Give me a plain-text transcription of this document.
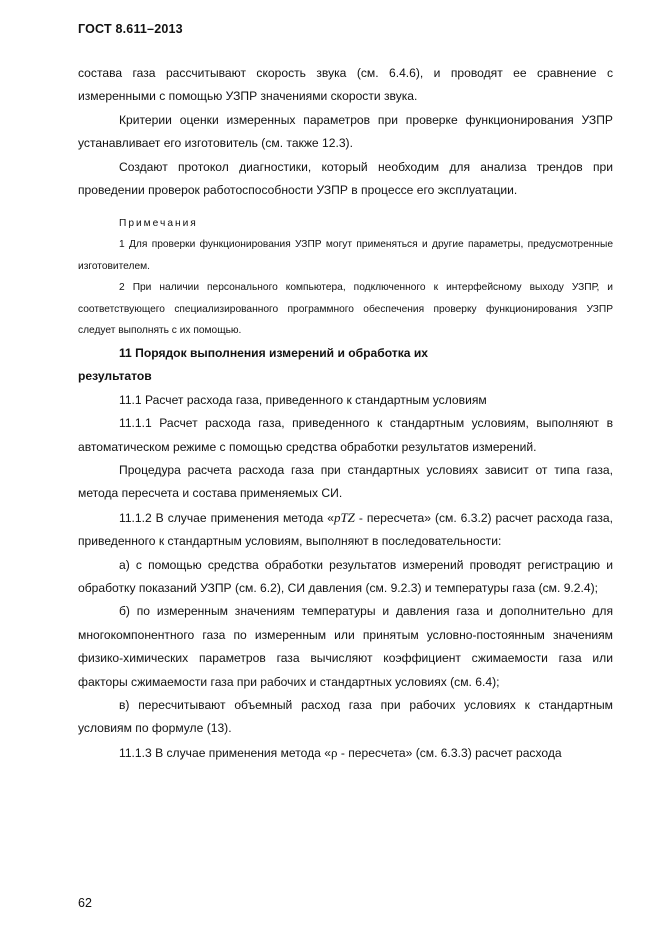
ГОСТ 8.611–2013

состава газа рассчитывают скорость звука (см. 6.4.6), и проводят ее сравнение с измеренными с помощью УЗПР значениями скорости звука.

Критерии оценки измеренных параметров при проверке функционирования УЗПР устанавливает его изготовитель (см. также 12.3).

Создают протокол диагностики, который необходим для анализа трендов при проведении проверок работоспособности УЗПР в процессе его эксплуатации.

Примечания

1 Для проверки функционирования УЗПР могут применяться и другие параметры, предусмотренные изготовителем.

2 При наличии персонального компьютера, подключенного к интерфейсному выходу УЗПР, и соответствующего специализированного программного обеспечения проверку функционирования УЗПР следует выполнять с их помощью.

11 Порядок выполнения измерений и обработка их
результатов

11.1 Расчет расхода газа, приведенного к стандартным условиям

11.1.1 Расчет расхода газа, приведенного к стандартным условиям, выполняют в автоматическом режиме с помощью средства обработки результатов измерений.

Процедура расчета расхода газа при стандартных условиях зависит от типа газа, метода пересчета и состава применяемых СИ.

11.1.2 В случае применения метода «pTZ - пересчета» (см. 6.3.2) расчет расхода газа, приведенного к стандартным условиям, выполняют в последовательности:

а) с помощью средства обработки результатов измерений проводят регистрацию и обработку показаний УЗПР (см. 6.2), СИ давления (см. 9.2.3) и температуры газа (см. 9.2.4);

б) по измеренным значениям температуры и давления газа и дополнительно для многокомпонентного газа по измеренным или принятым условно-постоянным значениям физико-химических параметров газа вычисляют коэффициент сжимаемости газа или факторы сжимаемости газа при рабочих и стандартных условиях (см. 6.4);

в) пересчитывают объемный расход газа при рабочих условиях к стандартным условиям по формуле (13).

11.1.3 В случае применения метода «ρ - пересчета» (см. 6.3.3) расчет расхода

62
